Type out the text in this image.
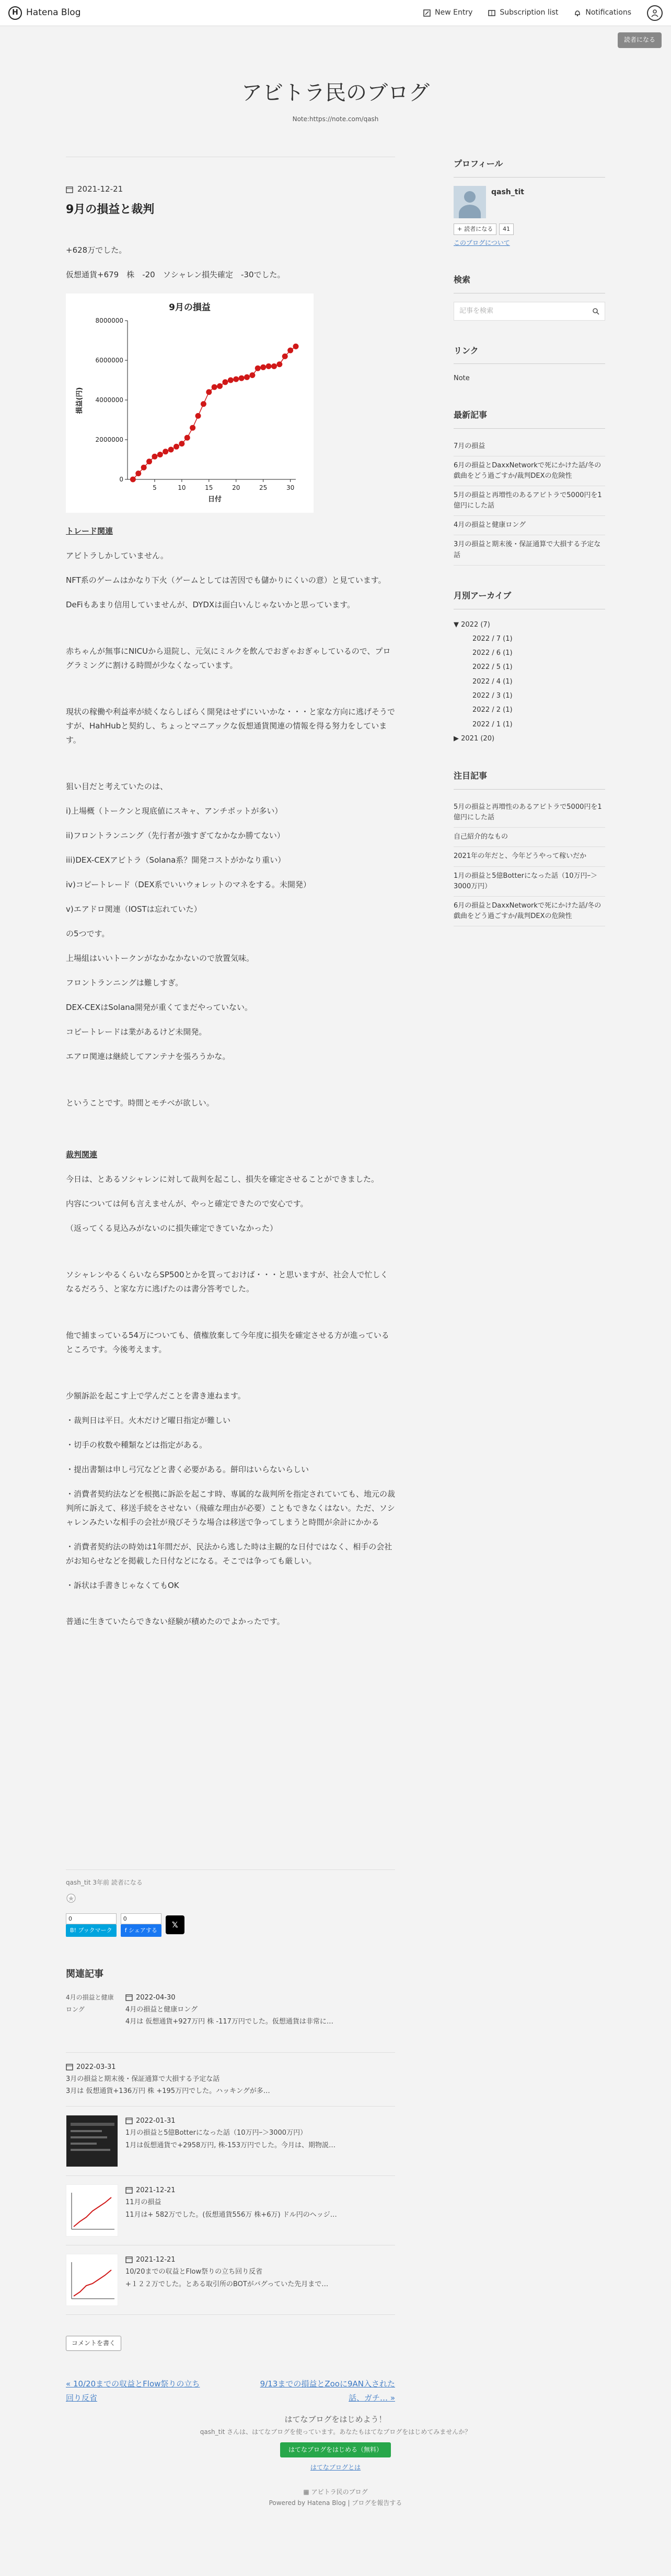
H Hatena Blog	New Entry	Subscription list	Notifications
読者になる
アビトラ民のブログ
Note:https://note.com/qash
2021-12-21
9月の損益と裁判

+628万でした。

仮想通貨+679　株　-20　ソシャレン損失確定　-30でした。

9月の損益
日付
損益(円)
0
2000000
4000000
6000000
8000000
5	10	15	20	25	30

トレード関連

アビトラしかしていません。

NFT系のゲームはかなり下火（ゲームとしては苦因でも儲かりにくいの意）と見ています。

DeFiもあまり信用していませんが、DYDXは面白いんじゃないかと思っています。

赤ちゃんが無事にNICUから退院し、元気にミルクを飲んでおぎゃおぎゃしているので、プログラミングに割ける時間が少なくなっています。

現状の稼働や利益率が続くならしばらく開発はせずにいいかな・・・と家な方向に逃げそうですが、HahHubと契約し、ちょっとマニアックな仮想通貨関連の情報を得る努力をしています。

狙い目だと考えていたのは、

i)上場概（トークンと現底値にスキャ、アンチポットが多い）

ii)フロントランニング（先行者が強すぎてなかなか勝てない）

iii)DEX-CEXアビトラ（Solana系？開発コストがかなり重い）

iv)コピートレード（DEX系でいいウォレットのマネをする。未開発）

v)エアドロ関連（IOSTは忘れていた）

の5つです。

上場組はいいトークンがなかなかないので放置気味。

フロントランニングは難しすぎ。

DEX-CEXはSolana開発が重くてまだやっていない。

コピートレードは業があるけど未開発。

エアロ関連は継続してアンテナを張ろうかな。

ということです。時間とモチベが欲しい。

裁判関連

今日は、とあるソシャレンに対して裁判を起こし、損失を確定させることができました。

内容については何も言えませんが、やっと確定できたので安心です。

（返ってくる見込みがないのに損失確定できていなかった）

ソシャレンやるくらいならSP500とかを買っておけば・・・と思いますが、社会人で忙しくなるだろう、と家な方に逃げたのは書分答考でした。

他で捕まっている54万についても、債権放棄して今年度に損失を確定させる方が進っているところです。今後考えます。

少額訴訟を起こす上で学んだことを書き連ねます。

・裁判日は平日。火木だけど曜日指定が難しい

・切手の枚数や種類などは指定がある。

・提出書類は申し弓冗などと書く必要がある。餅印はいらないらしい

・消費者契約法などを根拠に訴訟を起こす時、専属的な裁判所を指定されていても、地元の裁判所に訴えて、移送手続をさせない（飛確な理由が必要）こともできなくはない。ただ、ソシャレンみたいな相手の会社が飛びそうな場合は移送で争ってしまうと時間が余計にかかる

・消費者契約法の時効は1年間だが、民法から逃した時は主観的な日付ではなく、相手の会社がお知らせなどを掲載した日付などになる。そこでは争っても厳しい。

・訴状は手書きじゃなくてもOK

普通に生きていたらできない経験が積めたのでよかったです。

プロフィール
qash_tit
+ 読者になる 41
このブログについて
検索
記事を検索
リンク
Note
最新記事
7月の損益
6月の損益とDaxxNetworkで死にかけた話/冬の戯曲をどう過ごすか/裁判DEXの危険性
5月の損益と再増性のあるアビトラで5000円を1億円にした話
4月の損益と健康ロング
3月の損益と期末後・保証通算で大損する予定な話
月別アーカイブ
▼ 2022 (7)
2022 / 7 (1)
2022 / 6 (1)
2022 / 5 (1)
2022 / 4 (1)
2022 / 3 (1)
2022 / 2 (1)
2022 / 1 (1)
▶ 2021 (20)
注目記事
5月の損益と再増性のあるアビトラで5000円を1億円にした話
自己紹介的なもの
2021年の年だと、今年どうやって稼いだか
1月の損益と5億Botterになった話（10万円ｰ＞3000万円）
6月の損益とDaxxNetworkで死にかけた話/冬の戯曲をどう過ごすか/裁判DEXの危険性
qash_tit 3年前 読者になる
0
B! ブックマーク
0
f シェアする
𝕏
関連記事
4月の損益と健康ロング
2022-04-30
4月の損益と健康ロング
4月は 仮想通貨+927万円 株 -117万円でした。仮想通貨は非常に…
2022-03-31
3月の損益と期末後・保証通算で大損する予定な話
3月は 仮想通貨+136万円 株 +195万円でした。ハッキングが多…
2022-01-31
1月の損益と5億Botterになった話（10万円ｰ＞3000万円）
1月は仮想通貨で+2958万円, 株-153万円でした。今月は、期物説…
2021-12-21
11月の損益
11月は+ 582万でした。(仮想通貨556万 株+6万) ドル円のヘッジ…
2021-12-21
10/20までの収益とFlow祭りの立ち回り反省
+１２２万でした。とある取引所のBOTがバグっていた先月まで…
コメントを書く
« 10/20までの収益とFlow祭りの立ち回り反省
9/13までの損益とZooに9AN入された話、ガチ… »
はてなブログをはじめよう！
qash_tit さんは、はてなブログを使っています。あなたもはてなブログをはじめてみませんか？
はてなブログをはじめる（無料）
はてなブログとは
▦ アビトラ民のブログ
Powered by Hatena Blog | ブログを報告する
